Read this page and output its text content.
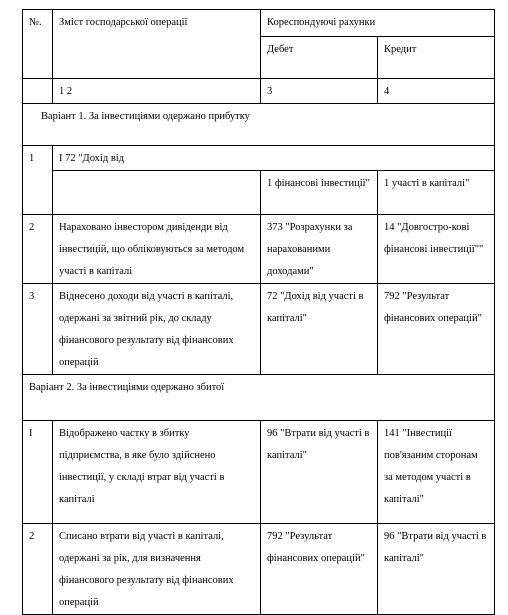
№.	Зміст господарської операції	Кореспондуючі рахунки	
		Дебет	Кредит
	1 2	3	4
Варіант 1. За інвестиціями одержано прибутку			
1	І 72 "Дохід від		
		1 фінансові інвестиції"	1 участі в капіталі"
2	Нараховано інвестором дивіденди від інвестицій, що обліковуються за методом участі в капіталі	373 "Розрахунки за нарахованими доходами"	14 "Довгостро-кові фінансові інвестиції""
3	Віднесено доходи від участі в капіталі, одержані за звітний рік, до складу фінансового результату від фінансових операцій	72 "Дохід від участі в капіталі"	792 "Результат фінансових операцій"
Варіант 2. За інвестиціями одержано збитої			
І	Відображено частку в збитку підприємства, в яке було здійснено інвестиції, у складі втрат від участі в капіталі	96 "Втрати від участі в капіталі"	141 "Інвестиції пов'язаним сторонам за методом участі в капіталі"
2	Списано втрати від участі в капіталі, одержані за рік, для визначення фінансового результату від фінансових операцій	792 "Результат фінансових операцій"	96 "Втрати від участі в капіталі"
